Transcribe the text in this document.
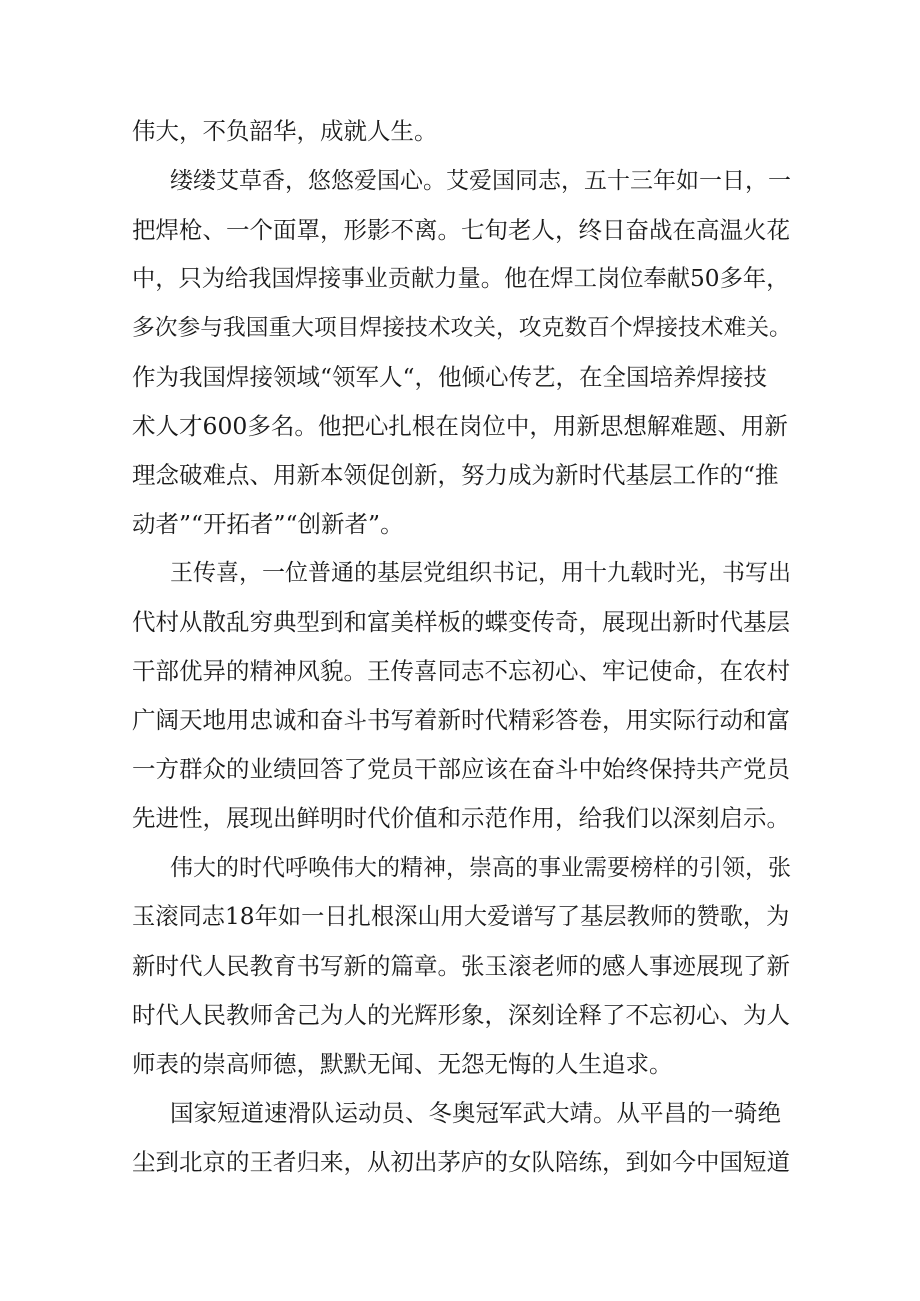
伟大，不负韶华，成就人生。

缕缕艾草香，悠悠爱国心。艾爱国同志，五十三年如一日，一

把焊枪、一个面罩，形影不离。七旬老人，终日奋战在高温火花

中，只为给我国焊接事业贡献力量。他在焊工岗位奉献50多年，

多次参与我国重大项目焊接技术攻关，攻克数百个焊接技术难关。

作为我国焊接领域“领军人“，他倾心传艺，在全国培养焊接技

术人才600多名。他把心扎根在岗位中，用新思想解难题、用新

理念破难点、用新本领促创新，努力成为新时代基层工作的“推

动者”“开拓者”“创新者”。

王传喜，一位普通的基层党组织书记，用十九载时光，书写出

代村从散乱穷典型到和富美样板的蝶变传奇，展现出新时代基层

干部优异的精神风貌。王传喜同志不忘初心、牢记使命，在农村

广阔天地用忠诚和奋斗书写着新时代精彩答卷，用实际行动和富

一方群众的业绩回答了党员干部应该在奋斗中始终保持共产党员

先进性，展现出鲜明时代价值和示范作用，给我们以深刻启示。

伟大的时代呼唤伟大的精神，崇高的事业需要榜样的引领，张

玉滚同志18年如一日扎根深山用大爱谱写了基层教师的赞歌，为

新时代人民教育书写新的篇章。张玉滚老师的感人事迹展现了新

时代人民教师舍己为人的光辉形象，深刻诠释了不忘初心、为人

师表的崇高师德，默默无闻、无怨无悔的人生追求。

国家短道速滑队运动员、冬奥冠军武大靖。从平昌的一骑绝

尘到北京的王者归来，从初出茅庐的女队陪练，到如今中国短道
